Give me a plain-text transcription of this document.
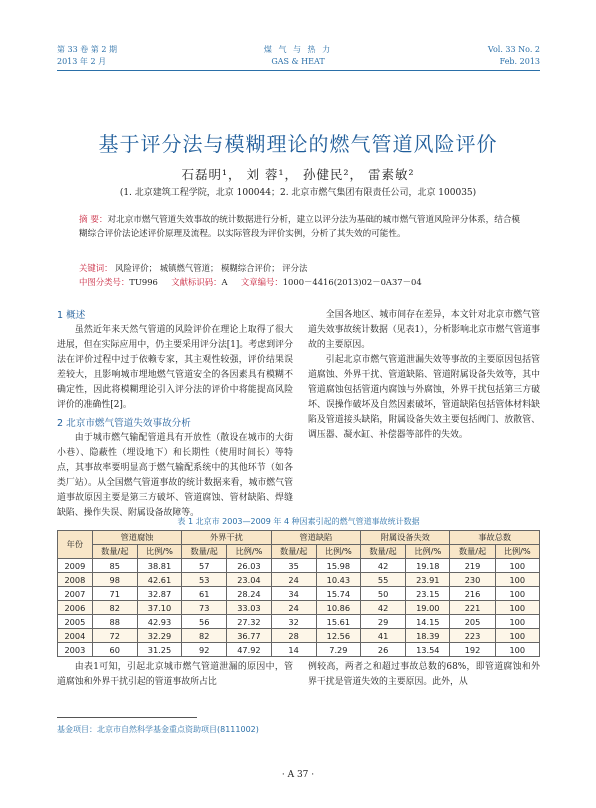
第 33 卷 第 2 期
2013 年 2 月
煤 气 与 热 力
GAS & HEAT
Vol. 33 No. 2
Feb. 2013
基于评分法与模糊理论的燃气管道风险评价
石磊明¹， 刘 蓉¹， 孙健民²， 雷素敏²
(1. 北京建筑工程学院，北京 100044；2. 北京市燃气集团有限责任公司，北京 100035)
摘 要：对北京市燃气管道失效事故的统计数据进行分析，建立以评分法为基础的城市燃气管道风险评分体系，结合模糊综合评价法论述评价原理及流程。以实际管段为评价实例，分析了其失效的可能性。
关键词： 风险评价； 城镇燃气管道； 模糊综合评价； 评分法
中图分类号：TU996 文献标识码：A 文章编号：1000－4416(2013)02－0A37－04
1 概述
虽然近年来天然气管道的风险评价在理论上取得了很大进展，但在实际应用中，仍主要采用评分法[1]。考虑到评分法在评价过程中过于依赖专家，其主观性较强，评价结果误差较大，且影响城市埋地燃气管道安全的各因素具有模糊不确定性，因此将模糊理论引入评分法的评价中将能提高风险评价的准确性[2]。
2 北京市燃气管道失效事故分析
由于城市燃气输配管道具有开放性（散设在城市的大街小巷）、隐蔽性（埋设地下）和长期性（使用时间长）等特点，其事故率要明显高于燃气输配系统中的其他环节（如各类厂站）。从全国燃气管道事故的统计数据来看，城市燃气管道事故原因主要是第三方破坏、管道腐蚀、管材缺陷、焊缝缺陷、操作失误、附属设备故障等。
全国各地区、城市间存在差异，本文针对北京市燃气管道失效事故统计数据（见表1），分析影响北京市燃气管道事故的主要原因。
引起北京市燃气管道泄漏失效等事故的主要原因包括管道腐蚀、外界干扰、管道缺陷、管道附属设备失效等，其中管道腐蚀包括管道内腐蚀与外腐蚀，外界干扰包括第三方破坏、误操作破坏及自然因素破坏，管道缺陷包括管体材料缺陷及管道接头缺陷，附属设备失效主要包括阀门、放散管、调压器、凝水缸、补偿器等部件的失效。
表 1 北京市 2003—2009 年 4 种因素引起的燃气管道事故统计数据
年份	管道腐蚀		外界干扰		管道缺陷		附属设备失效		事故总数	
	数量/起	比例/%	数量/起	比例/%	数量/起	比例/%	数量/起	比例/%	数量/起	比例/%
2009	85	38.81	57	26.03	35	15.98	42	19.18	219	100
2008	98	42.61	53	23.04	24	10.43	55	23.91	230	100
2007	71	32.87	61	28.24	34	15.74	50	23.15	216	100
2006	82	37.10	73	33.03	24	10.86	42	19.00	221	100
2005	88	42.93	56	27.32	32	15.61	29	14.15	205	100
2004	72	32.29	82	36.77	28	12.56	41	18.39	223	100
2003	60	31.25	92	47.92	14	7.29	26	13.54	192	100
由表1可知，引起北京城市燃气管道泄漏的原因中，管道腐蚀和外界干扰引起的管道事故所占比
例较高，两者之和超过事故总数的68%，即管道腐蚀和外界干扰是管道失效的主要原因。此外，从
基金项目：北京市自然科学基金重点资助项目(8111002)
· A 37 ·
